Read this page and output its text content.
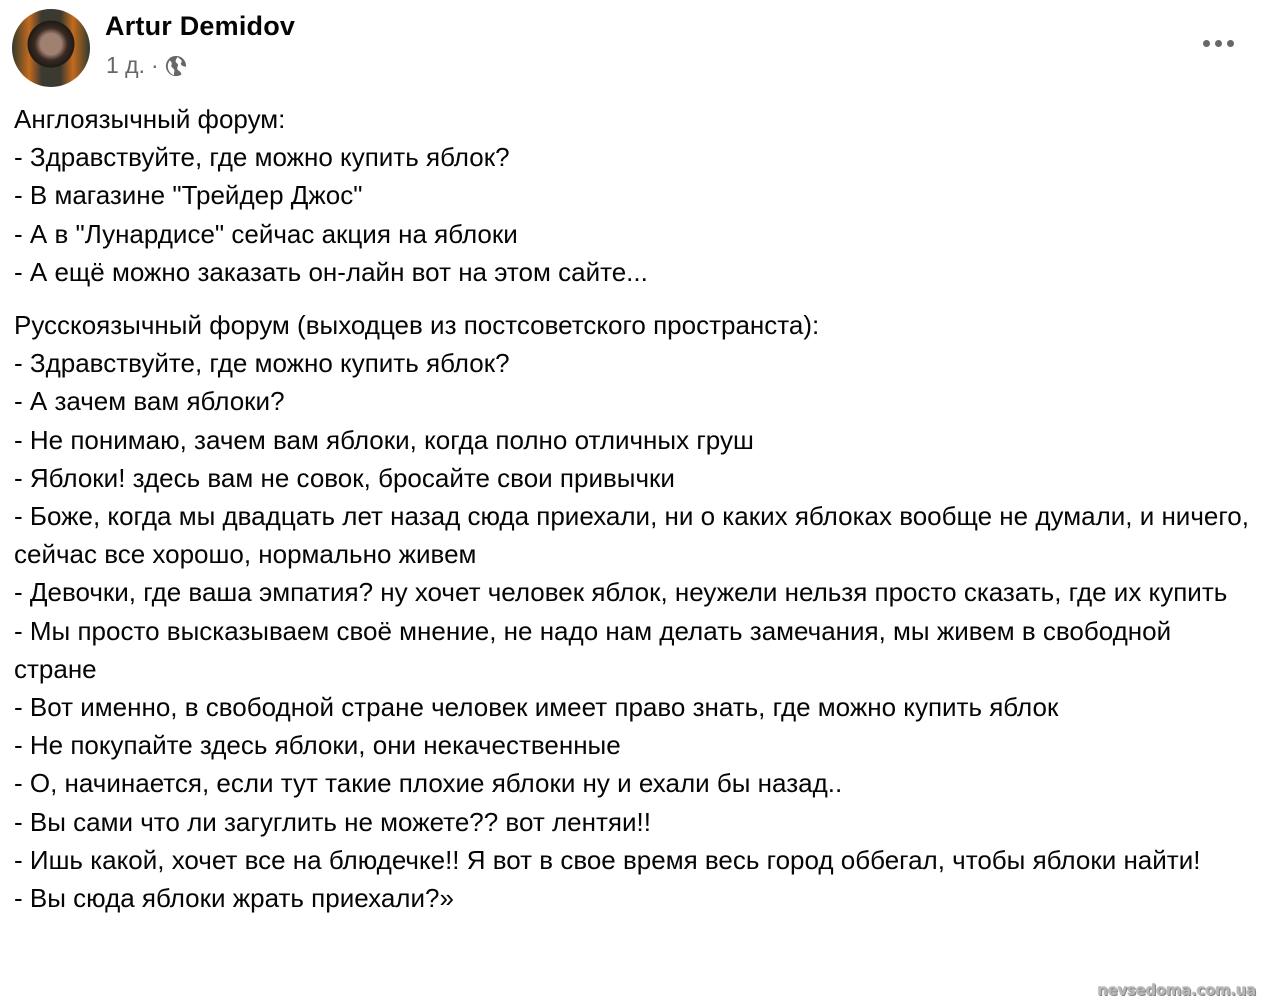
Artur Demidov
1 д. ·
Англоязычный форум:
- Здравствуйте, где можно купить яблок?
- В магазине "Трейдер Джос"
- А в "Лунардисе" сейчас акция на яблоки
- А ещё можно заказать он-лайн вот на этом сайте...
Русскоязычный форум (выходцев из постсоветского пространста):
- Здравствуйте, где можно купить яблок?
- А зачем вам яблоки?
- Не понимаю, зачем вам яблоки, когда полно отличных груш
- Яблоки! здесь вам не совок, бросайте свои привычки
- Боже, когда мы двадцать лет назад сюда приехали, ни о каких яблоках вообще не думали, и ничего, сейчас все хорошо, нормально живем
- Девочки, где ваша эмпатия? ну хочет человек яблок, неужели нельзя просто сказать, где их купить
- Мы просто высказываем своё мнение, не надо нам делать замечания, мы живем в свободной стране
- Вот именно, в свободной стране человек имеет право знать, где можно купить яблок
- Не покупайте здесь яблоки, они некачественные
- О, начинается, если тут такие плохие яблоки ну и ехали бы назад..
- Вы сами что ли загуглить не можете?? вот лентяи!!
- Ишь какой, хочет все на блюдечке!! Я вот в свое время весь город оббегал, чтобы яблоки найти!
- Вы сюда яблоки жрать приехали?»
nevsedoma.com.ua
